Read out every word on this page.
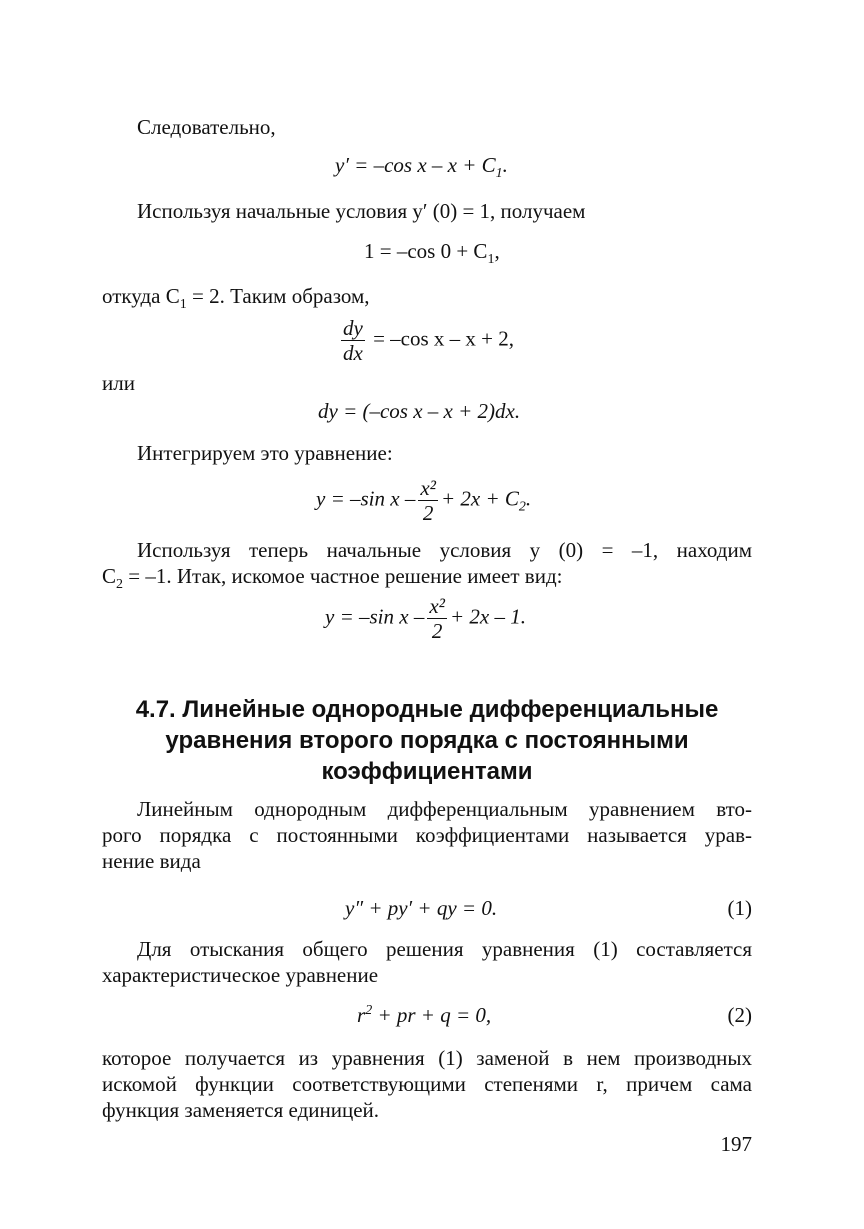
Следовательно,
y′ = –cos $x - x + C_1$.
Используя начальные условия y′ (0) = 1, получаем
1 = –cos $0 + C_1$,
откуда $C_1 = 2$. Таким образом,
$\frac{dy}{dx} = -\cos$ x – x + 2,
или
dy = (–cos x – x + 2)dx.
Интегрируем это уравнение:
y = –sin $x - \frac{\text{x²}}{2} + 2x + C_2$.
Используя теперь начальные условия y (0) = –1, находим
$C_2 = -1$. Итак, искомое частное решение имеет вид:
y = –sin $x - \frac{\text{x²}}{2} + 2x - 1$.
4.7. Линейные однородные дифференциальные
уравнения второго порядка с постоянными
коэффициентами
Линейным однородным дифференциальным уравнением вто-
рого порядка с постоянными коэффициентами называется урав-
нение вида
y″ + py′ + qy = 0.	(1)
Для отыскания общего решения уравнения (1) составляется
характеристическое уравнение
$r^2$ + pr + q = 0,	(2)
которое получается из уравнения (1) заменой в нем производных
искомой функции соответствующими степенями r, причем сама
функция заменяется единицей.
197
